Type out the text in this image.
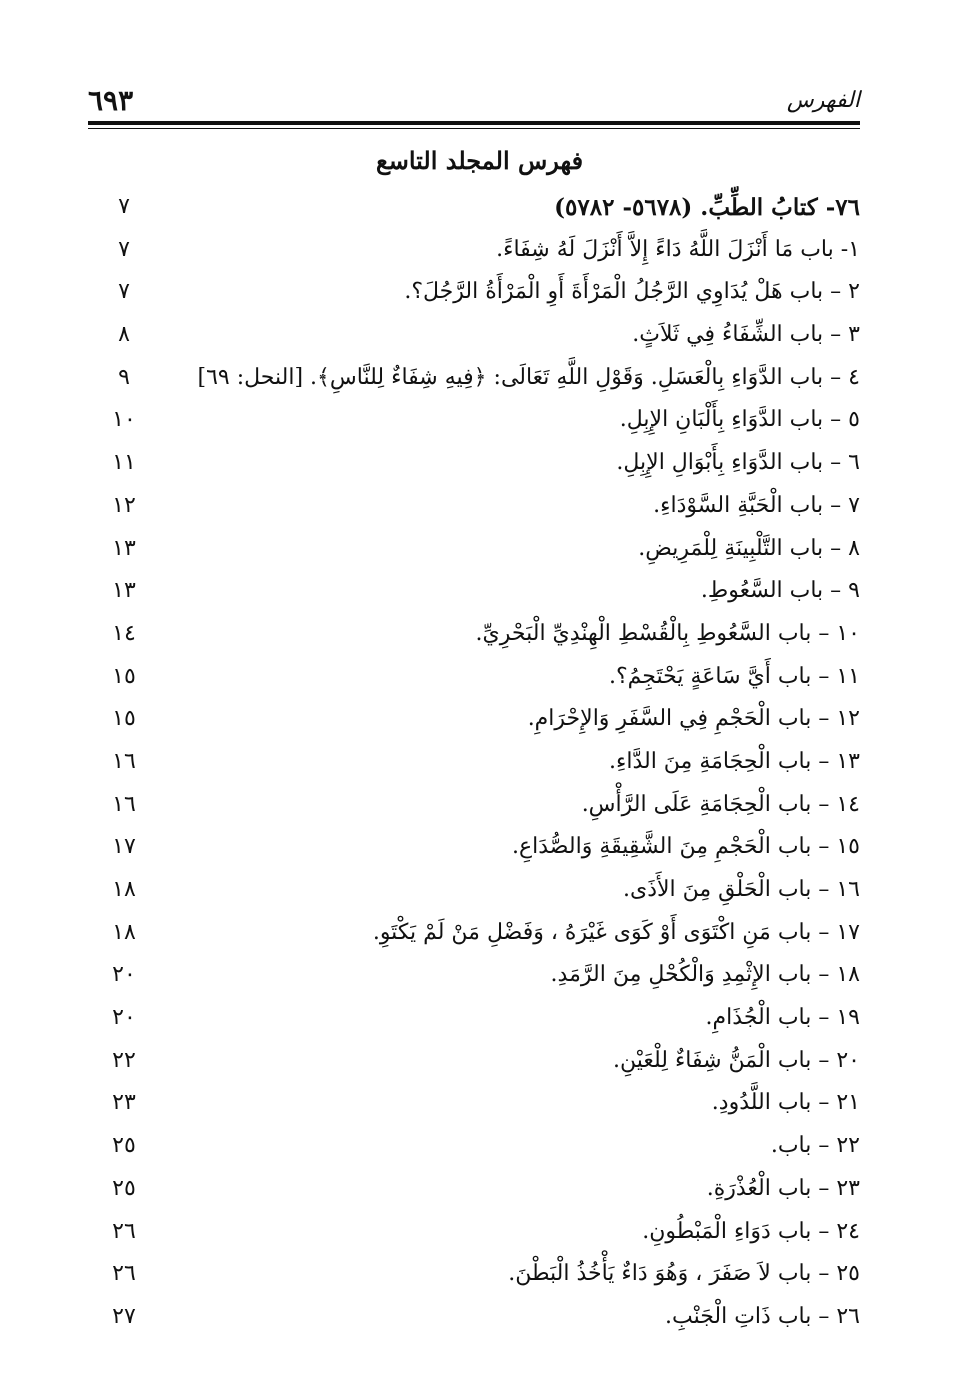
الفهرس
٦٩٣
فهرس المجلد التاسع
٧٦- كتابُ الطِّبِّ. (٥٦٧٨- ٥٧٨٢)
٧
١- باب مَا أَنْزَلَ اللَّهُ دَاءً إِلاَّ أَنْزَلَ لَهُ شِفَاءً.
٧
٢ – باب هَلْ يُدَاوِي الرَّجُلُ الْمَرْأَةَ أَوِ الْمَرْأَةُ الرَّجُلَ؟.
٧
٣ – باب الشِّفَاءُ فِي ثَلاَثٍ.
٨
٤ – باب الدَّوَاءِ بِالْعَسَلِ. وَقَوْلِ اللَّهِ تَعَالَى: ﴿فِيهِ شِفَاءٌ لِلنَّاسِ﴾. [النحل: ٦٩]
٩
٥ – باب الدَّوَاءِ بِأَلْبَانِ الإِبِلِ.
١٠
٦ – باب الدَّوَاءِ بِأَبْوَالِ الإِبِلِ.
١١
٧ – باب الْحَبَّةِ السَّوْدَاءِ.
١٢
٨ – باب التَّلْبِينَةِ لِلْمَرِيضِ.
١٣
٩ – باب السَّعُوطِ.
١٣
١٠ – باب السَّعُوطِ بِالْقُسْطِ الْهِنْدِيِّ الْبَحْرِيِّ.
١٤
١١ – باب أَيَّ سَاعَةٍ يَحْتَجِمُ؟.
١٥
١٢ – باب الْحَجْمِ فِي السَّفَرِ وَالإِحْرَامِ.
١٥
١٣ – باب الْحِجَامَةِ مِنَ الدَّاءِ.
١٦
١٤ – باب الْحِجَامَةِ عَلَى الرَّأْسِ.
١٦
١٥ – باب الْحَجْمِ مِنَ الشَّقِيقَةِ وَالصُّدَاعِ.
١٧
١٦ – باب الْحَلْقِ مِنَ الأَذَى.
١٨
١٧ – باب مَنِ اكْتَوَى أَوْ كَوَى غَيْرَهُ ، وَفَضْلِ مَنْ لَمْ يَكْتَوِ.
١٨
١٨ – باب الإِثْمِدِ وَالْكُحْلِ مِنَ الرَّمَدِ.
٢٠
١٩ – باب الْجُذَامِ.
٢٠
٢٠ – باب الْمَنُّ شِفَاءٌ لِلْعَيْنِ.
٢٢
٢١ – باب اللَّدُودِ.
٢٣
٢٢ – باب.
٢٥
٢٣ – باب الْعُذْرَةِ.
٢٥
٢٤ – باب دَوَاءِ الْمَبْطُونِ.
٢٦
٢٥ – باب لاَ صَفَرَ ، وَهُوَ دَاءٌ يَأْخُذُ الْبَطْنَ.
٢٦
٢٦ – باب ذَاتِ الْجَنْبِ.
٢٧
